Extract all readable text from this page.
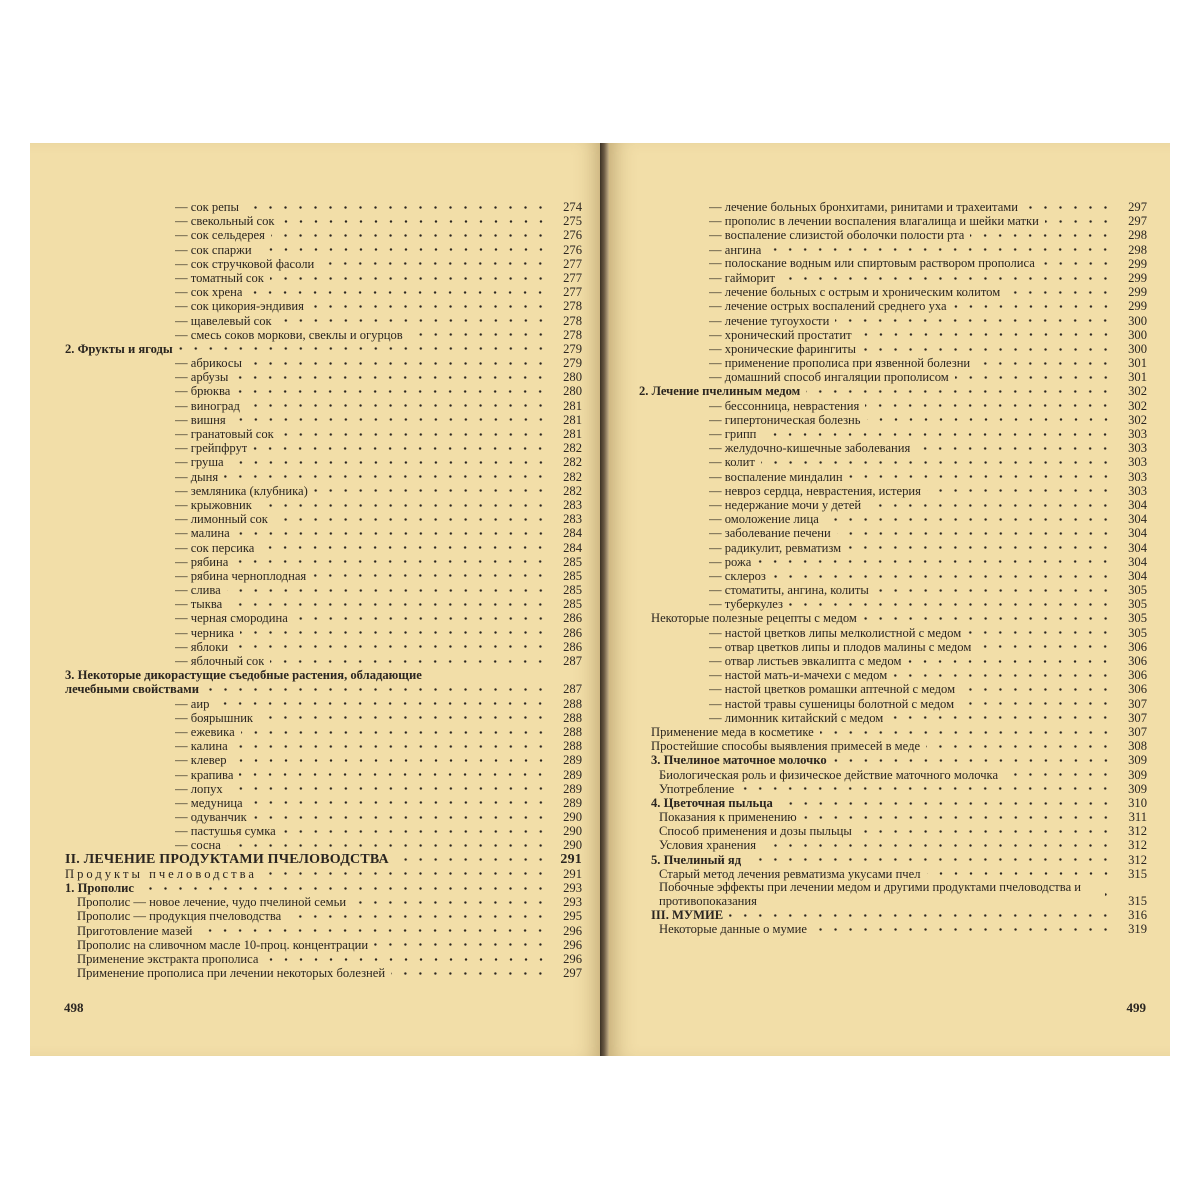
— сок репы	274
— свекольный сок	275
— сок сельдерея	276
— сок спаржи	276
— сок стручковой фасоли	277
— томатный сок	277
— сок хрена	277
— сок цикория-эндивия	278
— щавелевый сок	278
— смесь соков моркови, свеклы и огурцов	278
2. Фрукты и ягоды	279
— абрикосы	279
— арбузы	280
— брюква	280
— виноград	281
— вишня	281
— гранатовый сок	281
— грейпфрут	282
— груша	282
— дыня	282
— земляника (клубника)	282
— крыжовник	283
— лимонный сок	283
— малина	284
— сок персика	284
— рябина	285
— рябина черноплодная	285
— слива	285
— тыква	285
— черная смородина	286
— черника	286
— яблоки	286
— яблочный сок	287
3. Некоторые дикорастущие съедобные растения, обладающие
лечебными свойствами	287
— аир	288
— боярышник	288
— ежевика	288
— калина	288
— клевер	289
— крапива	289
— лопух	289
— медуница	289
— одуванчик	290
— пастушья сумка	290
— сосна	290
II. ЛЕЧЕНИЕ ПРОДУКТАМИ ПЧЕЛОВОДСТВА	291
Продукты пчеловодства	291
1. Прополис	293
Прополис — новое лечение, чудо пчелиной семьи	293
Прополис — продукция пчеловодства	295
Приготовление мазей	296
Прополис на сливочном масле 10-проц. концентрации	296
Применение экстракта прополиса	296
Применение прополиса при лечении некоторых болезней	297
498
— лечение больных бронхитами, ринитами и трахеитами	297
— прополис в лечении воспаления влагалища и шейки матки	297
— воспаление слизистой оболочки полости рта	298
— ангина	298
— полоскание водным или спиртовым раствором прополиса	299
— гайморит	299
— лечение больных с острым и хроническим колитом	299
— лечение острых воспалений среднего уха	299
— лечение тугоухости	300
— хронический простатит	300
— хронические фарингиты	300
— применение прополиса при язвенной болезни	301
— домашний способ ингаляции прополисом	301
2. Лечение пчелиным медом	302
— бессонница, неврастения	302
— гипертоническая болезнь	302
— грипп	303
— желудочно-кишечные заболевания	303
— колит	303
— воспаление миндалин	303
— невроз сердца, неврастения, истерия	303
— недержание мочи у детей	304
— омоложение лица	304
— заболевание печени	304
— радикулит, ревматизм	304
— рожа	304
— склероз	304
— стоматиты, ангина, колиты	305
— туберкулез	305
Некоторые полезные рецепты с медом	305
— настой цветков липы мелколистной с медом	305
— отвар цветков липы и плодов малины с медом	306
— отвар листьев эвкалипта с медом	306
— настой мать-и-мачехи с медом	306
— настой цветков ромашки аптечной с медом	306
— настой травы сушеницы болотной с медом	307
— лимонник китайский с медом	307
Применение меда в косметике	307
Простейшие способы выявления примесей в меде	308
3. Пчелиное маточное молочко	309
Биологическая роль и физическое действие маточного молочка	309
Употребление	309
4. Цветочная пыльца	310
Показания к применению	311
Способ применения и дозы пыльцы	312
Условия хранения	312
5. Пчелиный яд	312
Старый метод лечения ревматизма укусами пчел	315
Побочные эффекты при лечении медом и другими продуктами пчеловодства и противопоказания	315
III. МУМИЕ	316
Некоторые данные о мумие	319
499
